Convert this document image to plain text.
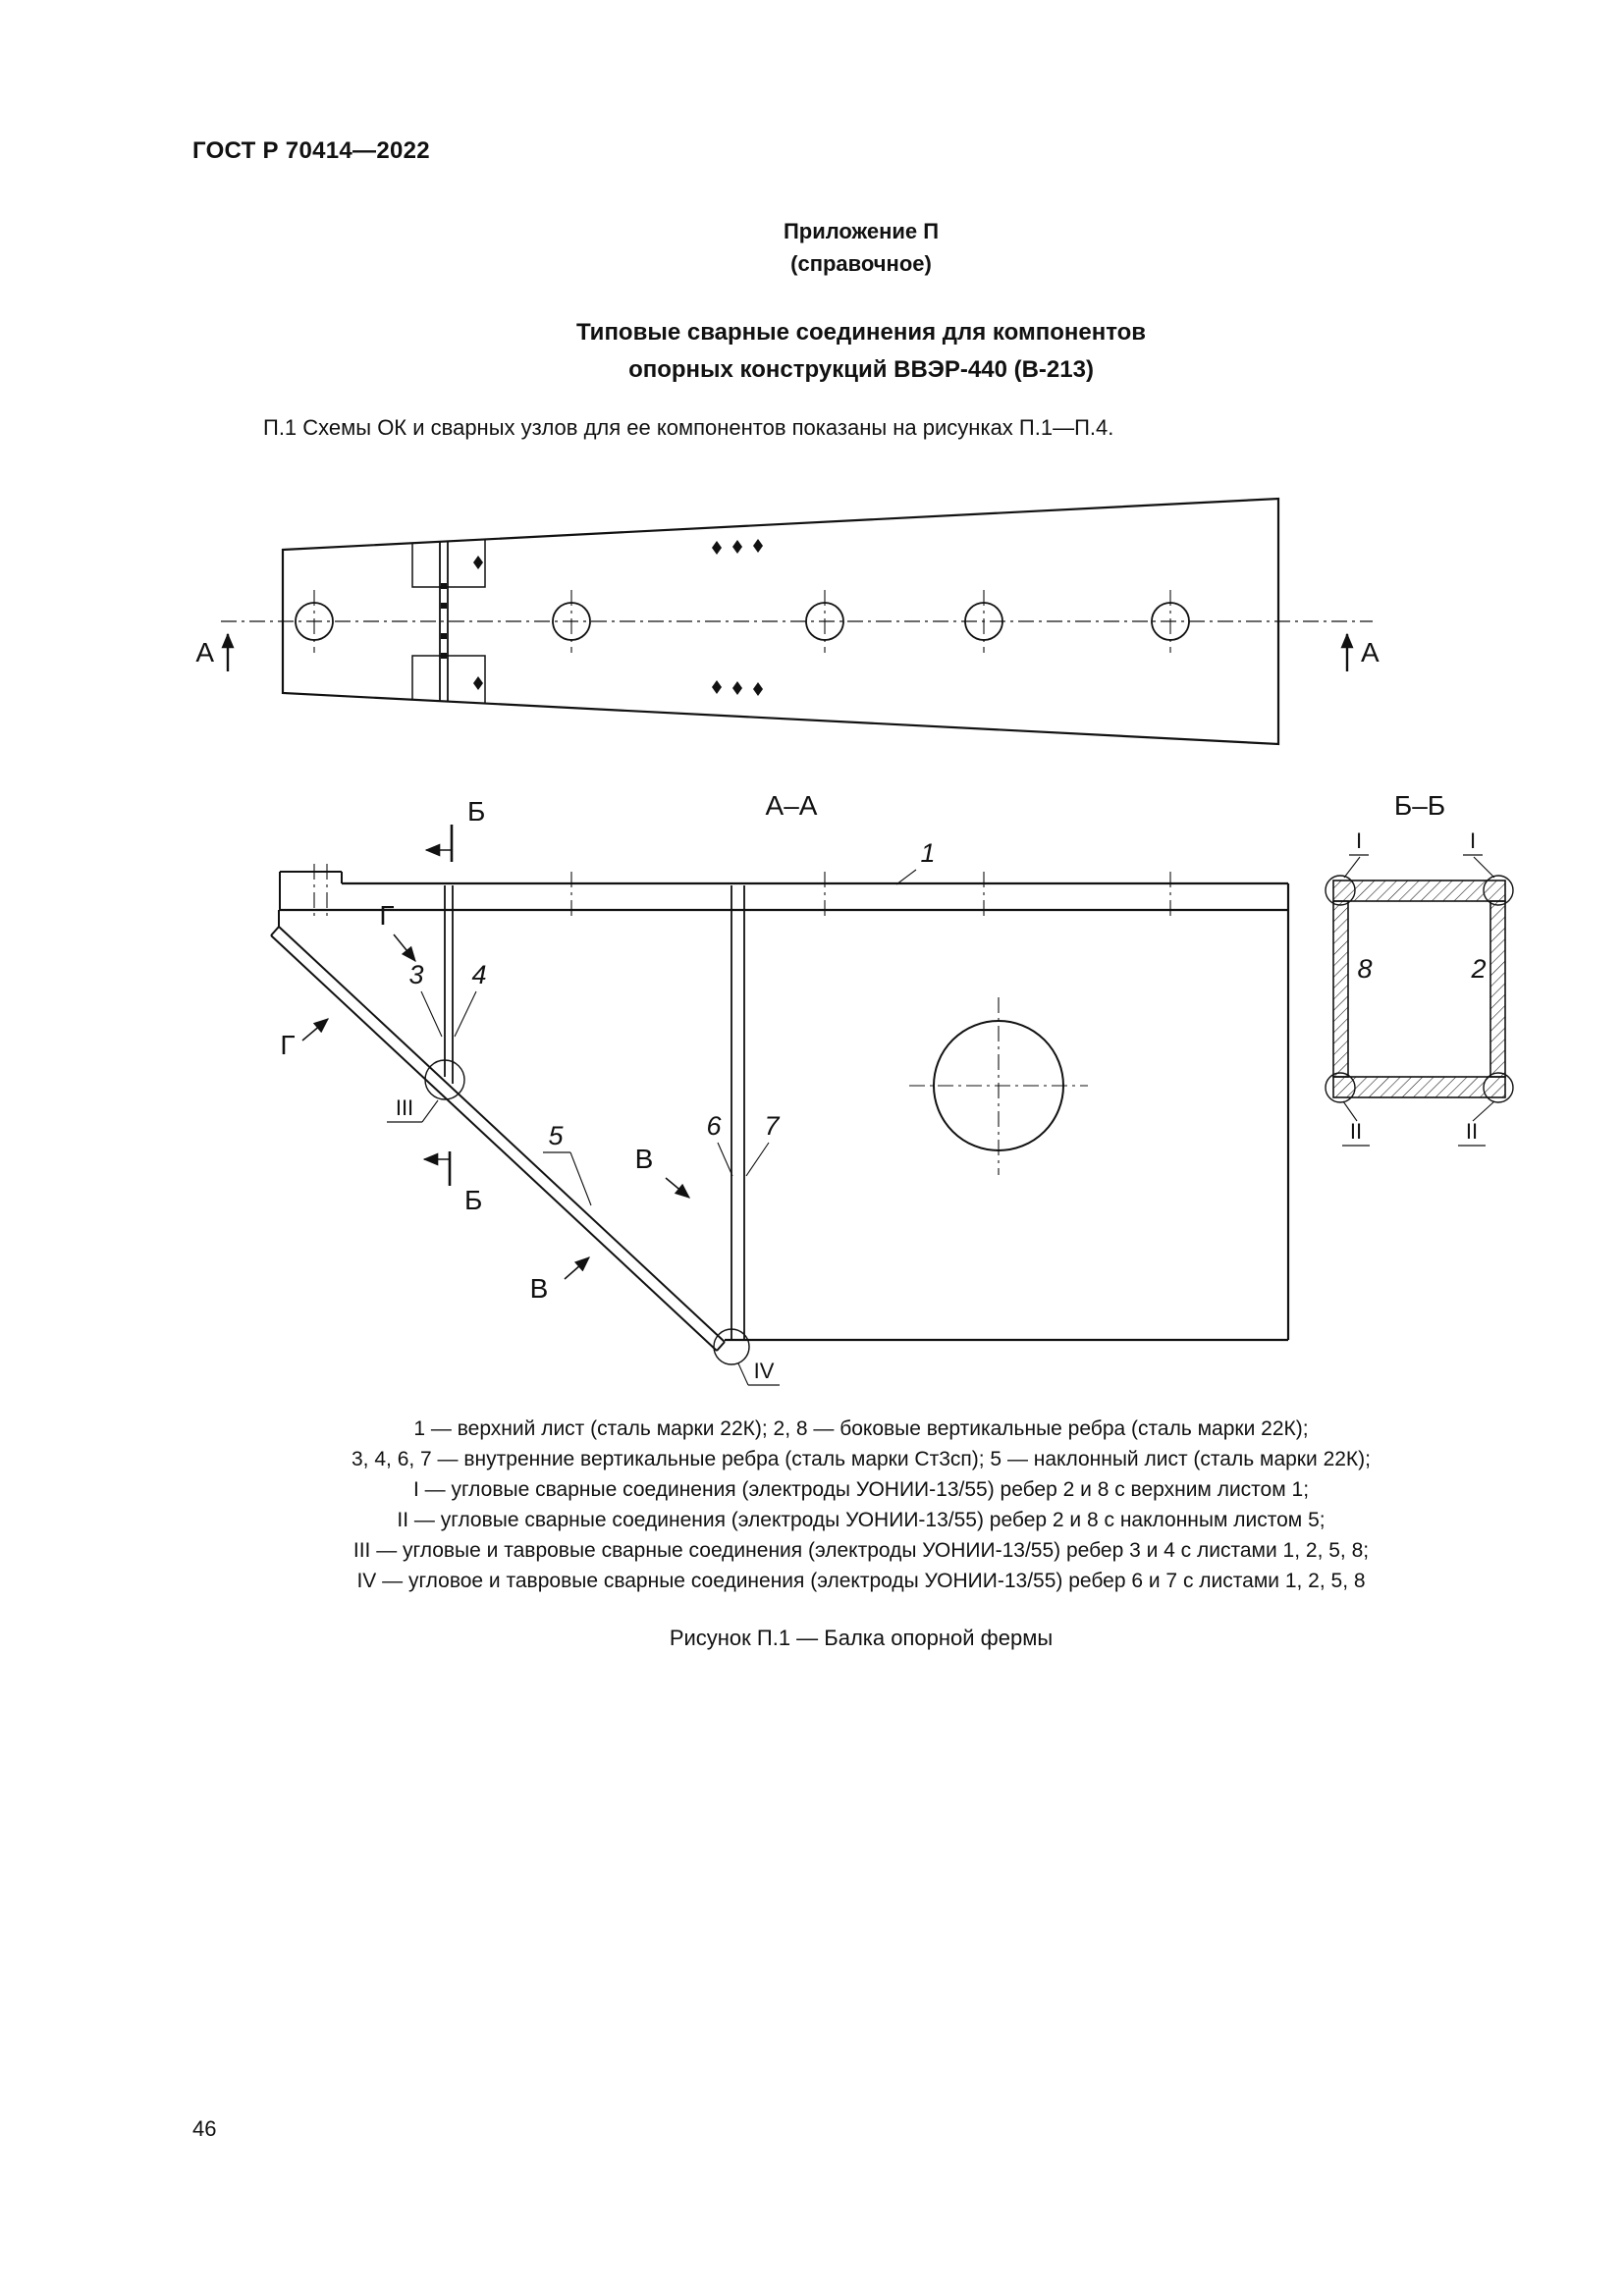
ГОСТ Р 70414—2022
Приложение П
(справочное)
Типовые сварные соединения для компонентов
опорных конструкций ВВЭР-440 (В-213)
П.1 Схемы ОК и сварных узлов для ее компонентов показаны на рисунках П.1—П.4.
А	А
А–А
1
3 4
5	6 7
III
IV
Б
Б
Г
Г
В
В
Б–Б
I	I
8	2
II	II
1 — верхний лист (сталь марки 22К); 2, 8 — боковые вертикальные ребра (сталь марки 22К);
3, 4, 6, 7 — внутренние вертикальные ребра (сталь марки Ст3сп); 5 — наклонный лист (сталь марки 22К);
I — угловые сварные соединения (электроды УОНИИ-13/55) ребер 2 и 8 с верхним листом 1;
II — угловые сварные соединения (электроды УОНИИ-13/55) ребер 2 и 8 с наклонным листом 5;
III — угловые и тавровые сварные соединения (электроды УОНИИ-13/55) ребер 3 и 4 с листами 1, 2, 5, 8;
IV — угловое и тавровые сварные соединения (электроды УОНИИ-13/55) ребер 6 и 7 с листами 1, 2, 5, 8
Рисунок П.1 — Балка опорной фермы
46
